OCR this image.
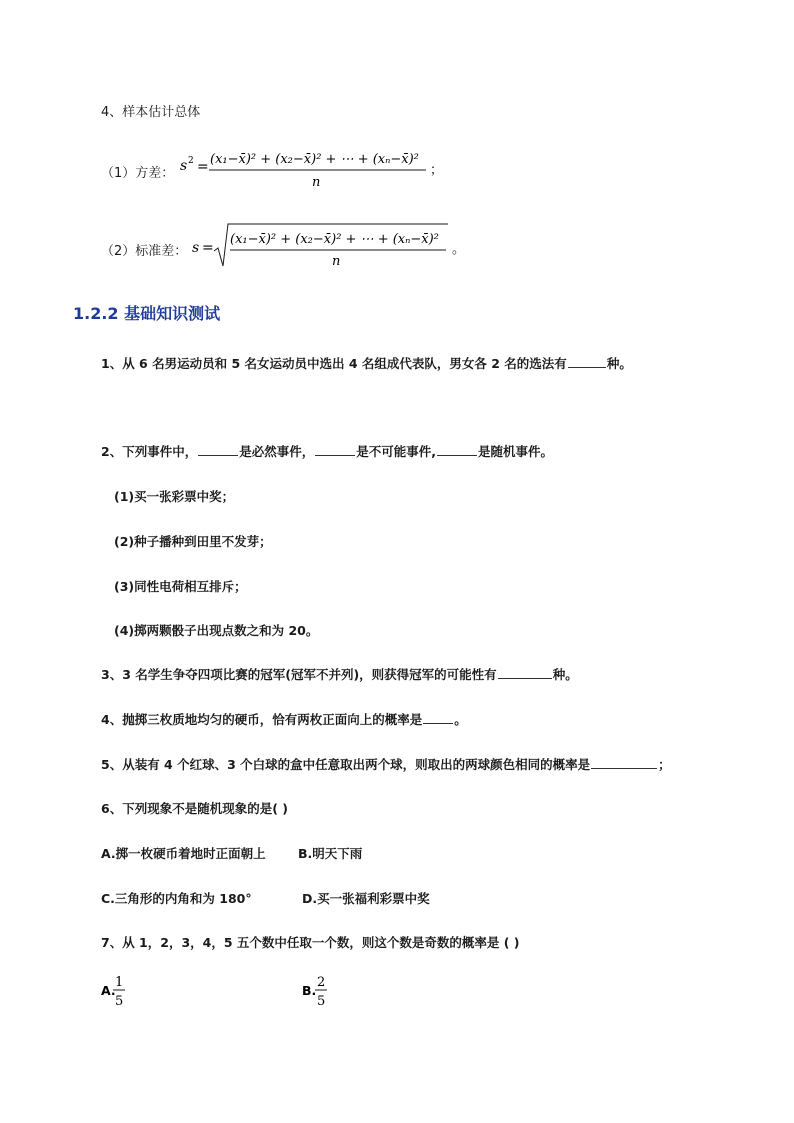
4、样本估计总体
（1）方差： s 2 = (x₁−x̄)² + (x₂−x̄)² + ⋯ + (xₙ−x̄)²
n
；
（2）标准差： s =
(x₁−x̄)² + (x₂−x̄)² + ⋯ + (xₙ−x̄)²
n
。
1.2.2 基础知识测试
1、从 6 名男运动员和 5 名女运动员中选出 4 名组成代表队，男女各 2 名的选法有	种。
2、下列事件中，	是必然事件，	是不可能事件,	是随机事件。
(1)买一张彩票中奖；
(2)种子播种到田里不发芽；
(3)同性电荷相互排斥；
(4)掷两颗骰子出现点数之和为 20。
3、3 名学生争夺四项比赛的冠军(冠军不并列)，则获得冠军的可能性有	种。
4、抛掷三枚质地均匀的硬币，恰有两枚正面向上的概率是	。
5、从装有 4 个红球、3 个白球的盒中任意取出两个球，则取出的两球颜色相同的概率是	；
6、下列现象不是随机现象的是( )
A.掷一枚硬币着地时正面朝上	B.明天下雨
C.三角形的内角和为 180°	D.买一张福利彩票中奖
7、从 1，2，3，4，5 五个数中任取一个数，则这个数是奇数的概率是 ( )
A.
1
5
B.
2
5
